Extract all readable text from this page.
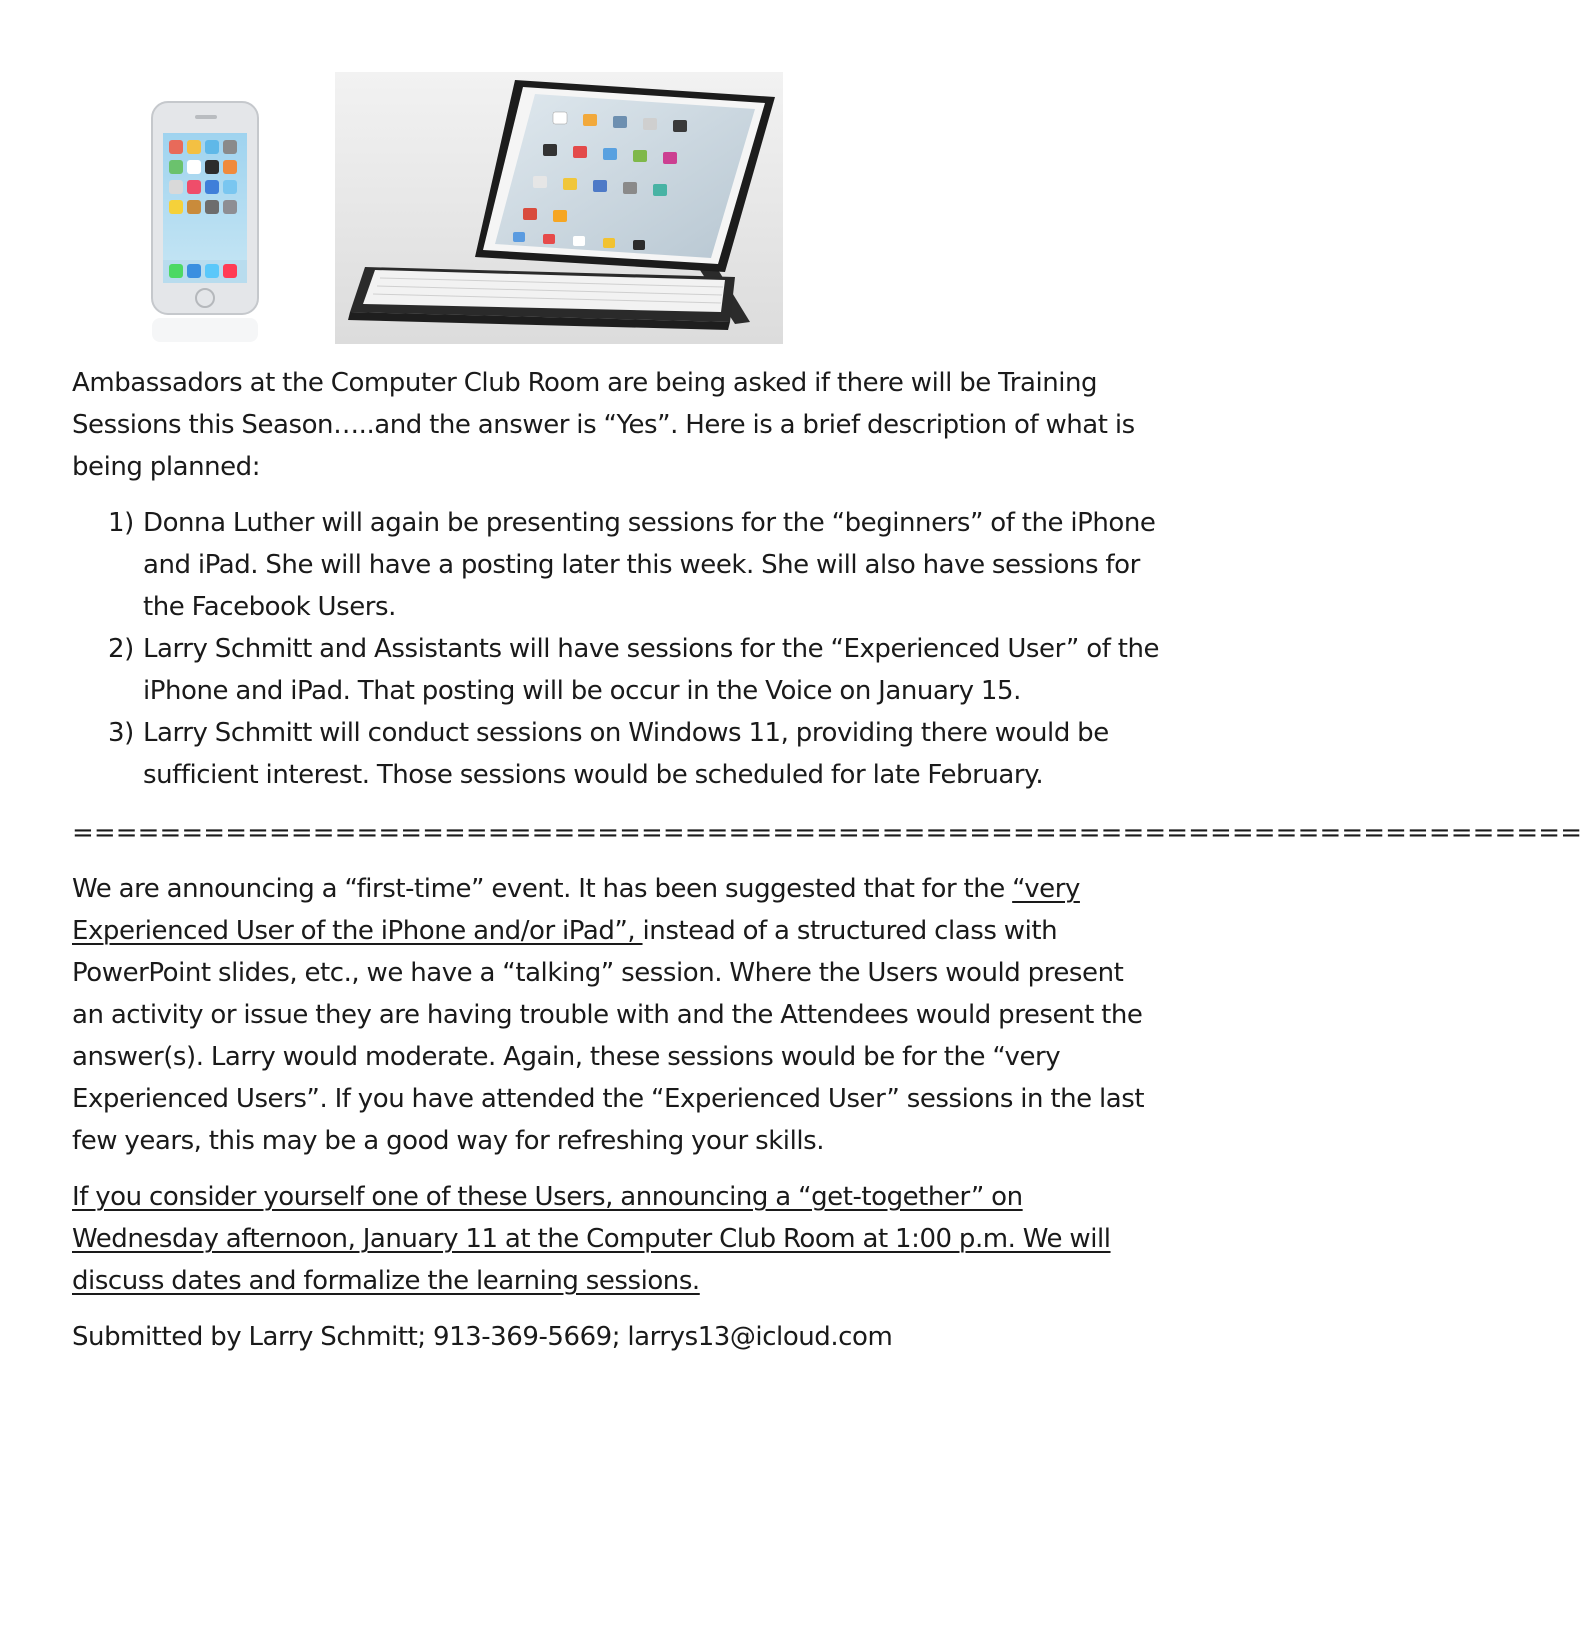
Ambassadors at the Computer Club Room are being asked if there will be Training Sessions this Season…..and the answer is “Yes”. Here is a brief description of what is being planned:

1) Donna Luther will again be presenting sessions for the “beginners” of the iPhone and iPad. She will have a posting later this week. She will also have sessions for the Facebook Users.
2) Larry Schmitt and Assistants will have sessions for the “Experienced User” of the iPhone and iPad. That posting will be occur in the Voice on January 15.
3) Larry Schmitt will conduct sessions on Windows 11, providing there would be sufficient interest. Those sessions would be scheduled for late February.

=====================================================================

We are announcing a “first-time” event. It has been suggested that for the “very Experienced User of the iPhone and/or iPad”, instead of a structured class with PowerPoint slides, etc., we have a “talking” session. Where the Users would present an activity or issue they are having trouble with and the Attendees would present the answer(s). Larry would moderate. Again, these sessions would be for the “very Experienced Users”. If you have attended the “Experienced User” sessions in the last few years, this may be a good way for refreshing your skills.

If you consider yourself one of these Users, announcing a “get-together” on Wednesday afternoon, January 11 at the Computer Club Room at 1:00 p.m. We will discuss dates and formalize the learning sessions.

Submitted by Larry Schmitt; 913-369-5669; larrys13@icloud.com
